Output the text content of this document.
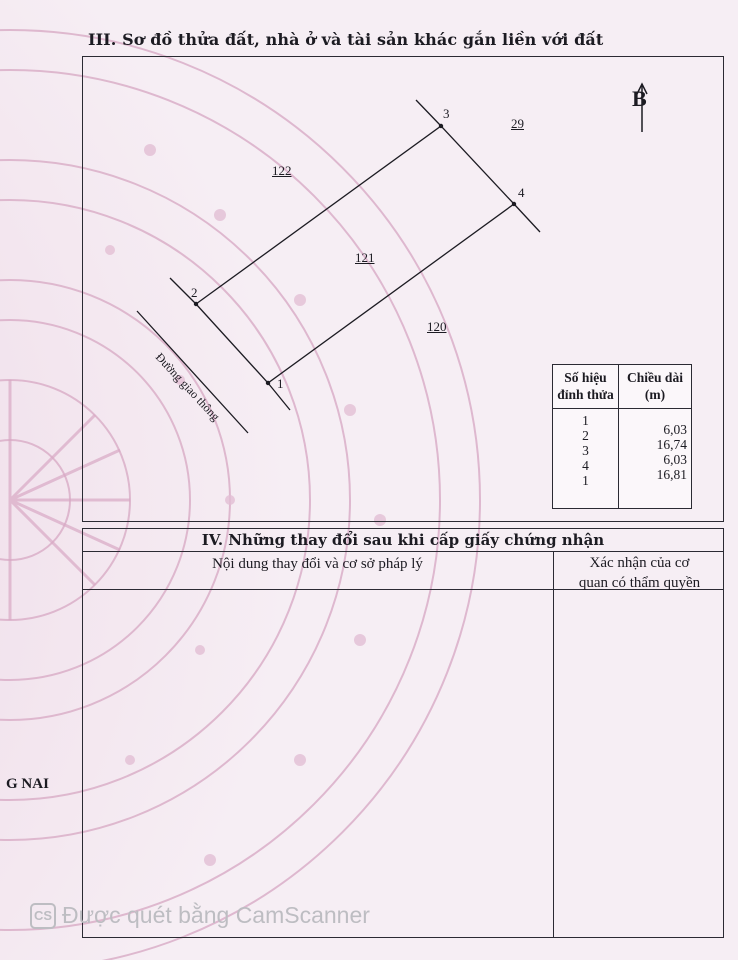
III. Sơ đồ thửa đất, nhà ở và tài sản khác gắn liền với đất
B
122
121
120
29
1
2
3
4
Đường giao thông	Số hiệu đỉnh thửa
Chiều dài (m)
1
2
3
4
1
6,03
16,74
6,03
16,81
IV. Những thay đổi sau khi cấp giấy chứng nhận
Nội dung thay đổi và cơ sở pháp lý	Xác nhận của cơ
quan có thẩm quyền
G NAI
CS Được quét bằng CamScanner
